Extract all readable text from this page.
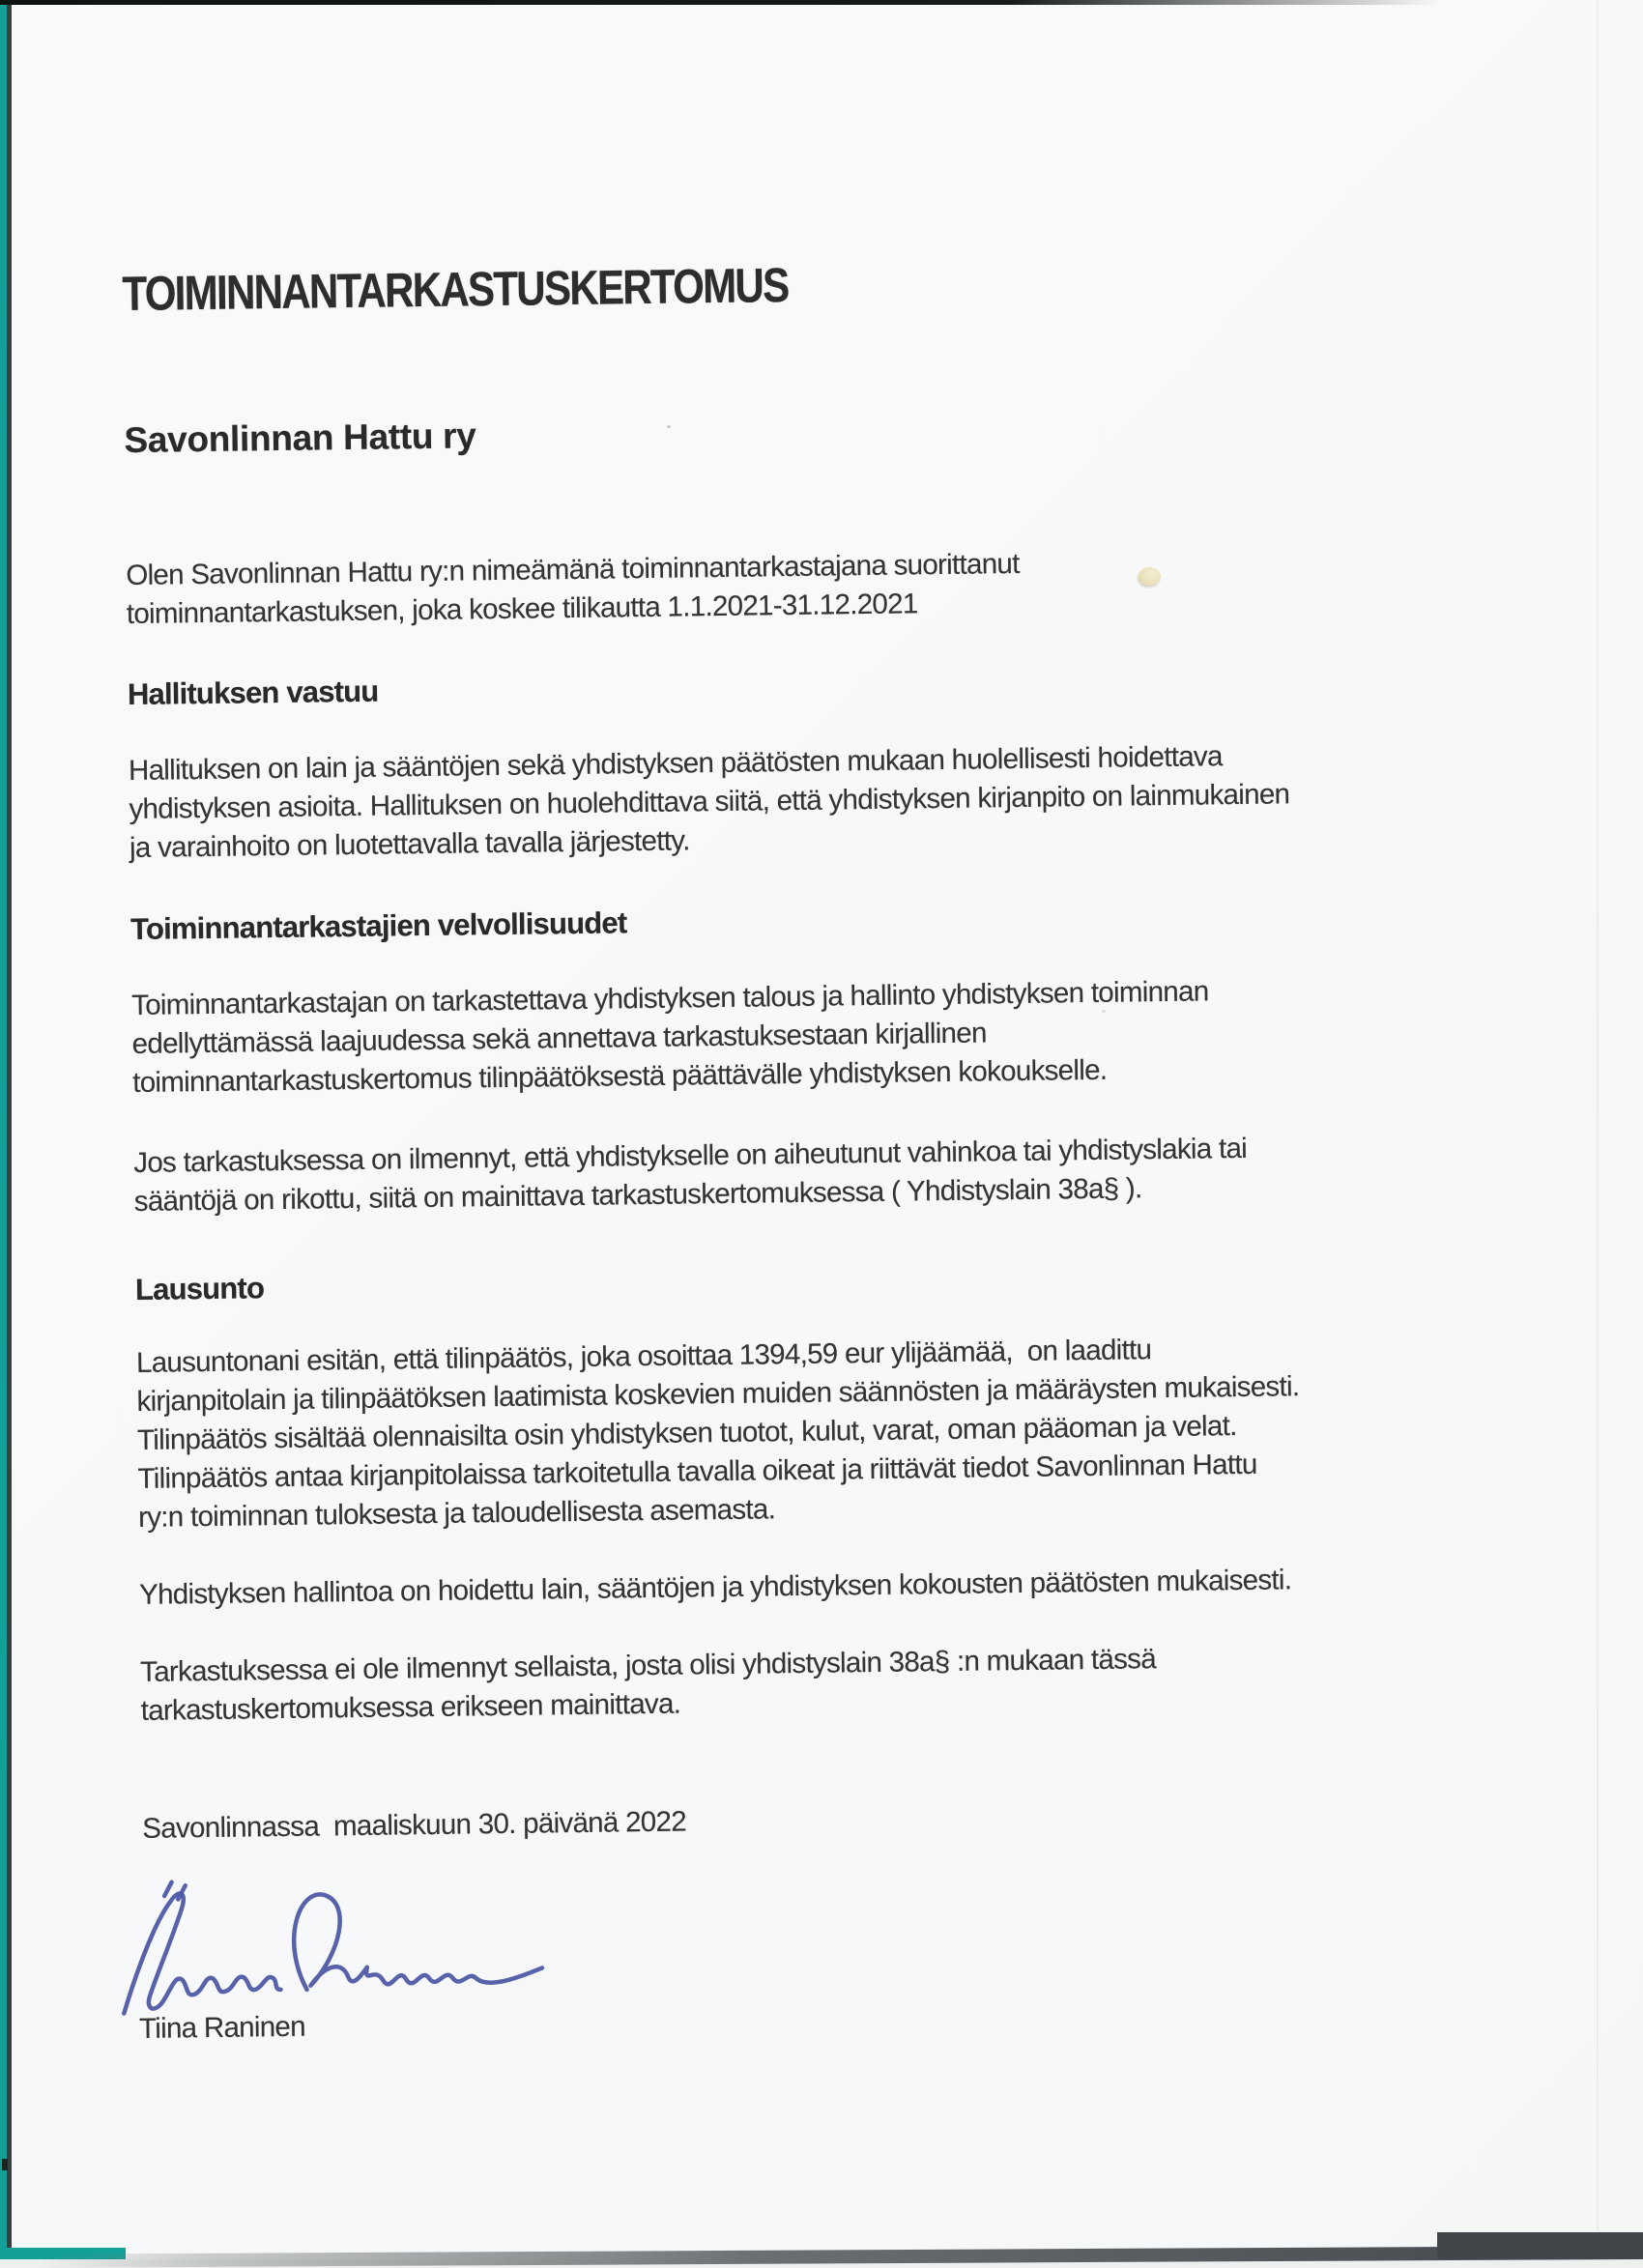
TOIMINNANTARKASTUSKERTOMUS
Savonlinnan Hattu ry

Olen Savonlinnan Hattu ry:n nimeämänä toiminnantarkastajana suorittanut
toiminnantarkastuksen, joka koskee tilikautta 1.1.2021-31.12.2021

Hallituksen vastuu

Hallituksen on lain ja sääntöjen sekä yhdistyksen päätösten mukaan huolellisesti hoidettava
yhdistyksen asioita. Hallituksen on huolehdittava siitä, että yhdistyksen kirjanpito on lainmukainen
ja varainhoito on luotettavalla tavalla järjestetty.

Toiminnantarkastajien velvollisuudet

Toiminnantarkastajan on tarkastettava yhdistyksen talous ja hallinto yhdistyksen toiminnan
edellyttämässä laajuudessa sekä annettava tarkastuksestaan kirjallinen
toiminnantarkastuskertomus tilinpäätöksestä päättävälle yhdistyksen kokoukselle.

Jos tarkastuksessa on ilmennyt, että yhdistykselle on aiheutunut vahinkoa tai yhdistyslakia tai
sääntöjä on rikottu, siitä on mainittava tarkastuskertomuksessa ( Yhdistyslain 38a§ ).

Lausunto

Lausuntonani esitän, että tilinpäätös, joka osoittaa 1394,59 eur ylijäämää,  on laadittu
kirjanpitolain ja tilinpäätöksen laatimista koskevien muiden säännösten ja määräysten mukaisesti.
Tilinpäätös sisältää olennaisilta osin yhdistyksen tuotot, kulut, varat, oman pääoman ja velat.
Tilinpäätös antaa kirjanpitolaissa tarkoitetulla tavalla oikeat ja riittävät tiedot Savonlinnan Hattu
ry:n toiminnan tuloksesta ja taloudellisesta asemasta.

Yhdistyksen hallintoa on hoidettu lain, sääntöjen ja yhdistyksen kokousten päätösten mukaisesti.

Tarkastuksessa ei ole ilmennyt sellaista, josta olisi yhdistyslain 38a§ :n mukaan tässä
tarkastuskertomuksessa erikseen mainittava.

Savonlinnassa  maaliskuun 30. päivänä 2022

Tiina Raninen
